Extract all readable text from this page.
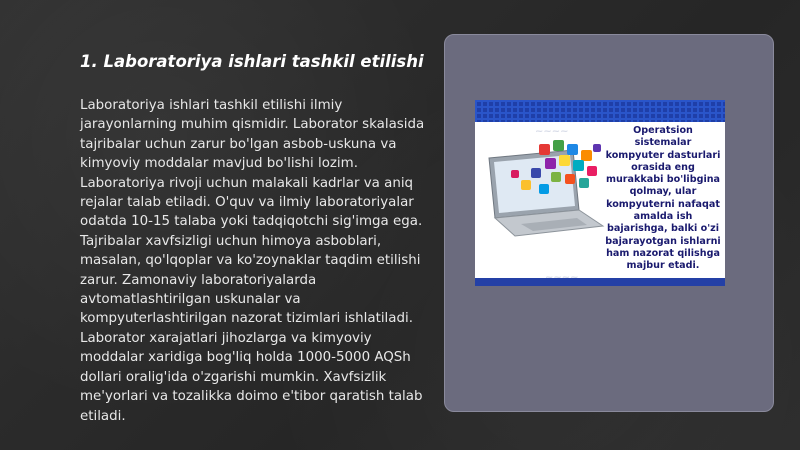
1. Laboratoriya ishlari tashkil etilishi

Laboratoriya ishlari tashkil etilishi ilmiy jarayonlarning muhim qismidir. Laborator skalasida tajribalar uchun zarur bo'lgan asbob-uskuna va kimyoviy moddalar mavjud bo'lishi lozim. Laboratoriya rivoji uchun malakali kadrlar va aniq rejalar talab etiladi. O'quv va ilmiy laboratoriyalar odatda 10-15 talaba yoki tadqiqotchi sig'imga ega. Tajribalar xavfsizligi uchun himoya asboblari, masalan, qo'lqoplar va ko'zoynaklar taqdim etilishi zarur. Zamonaviy laboratoriyalarda avtomatlashtirilgan uskunalar va kompyuterlashtirilgan nazorat tizimlari ishlatiladi. Laborator xarajatlari jihozlarga va kimyoviy moddalar xaridiga bog'liq holda 1000-5000 AQSh dollari oralig'ida o'zgarishi mumkin. Xavfsizlik me'yorlari va tozalikka doimo e'tibor qaratish talab etiladi.

~~~~	Operatsion sistemalar kompyuter dasturlari orasida eng murakkabi bo'libgina qolmay, ular kompyuterni nafaqat amalda ish bajarishga, balki o'zi bajarayotgan ishlarni ham nazorat qilishga majbur etadi.
